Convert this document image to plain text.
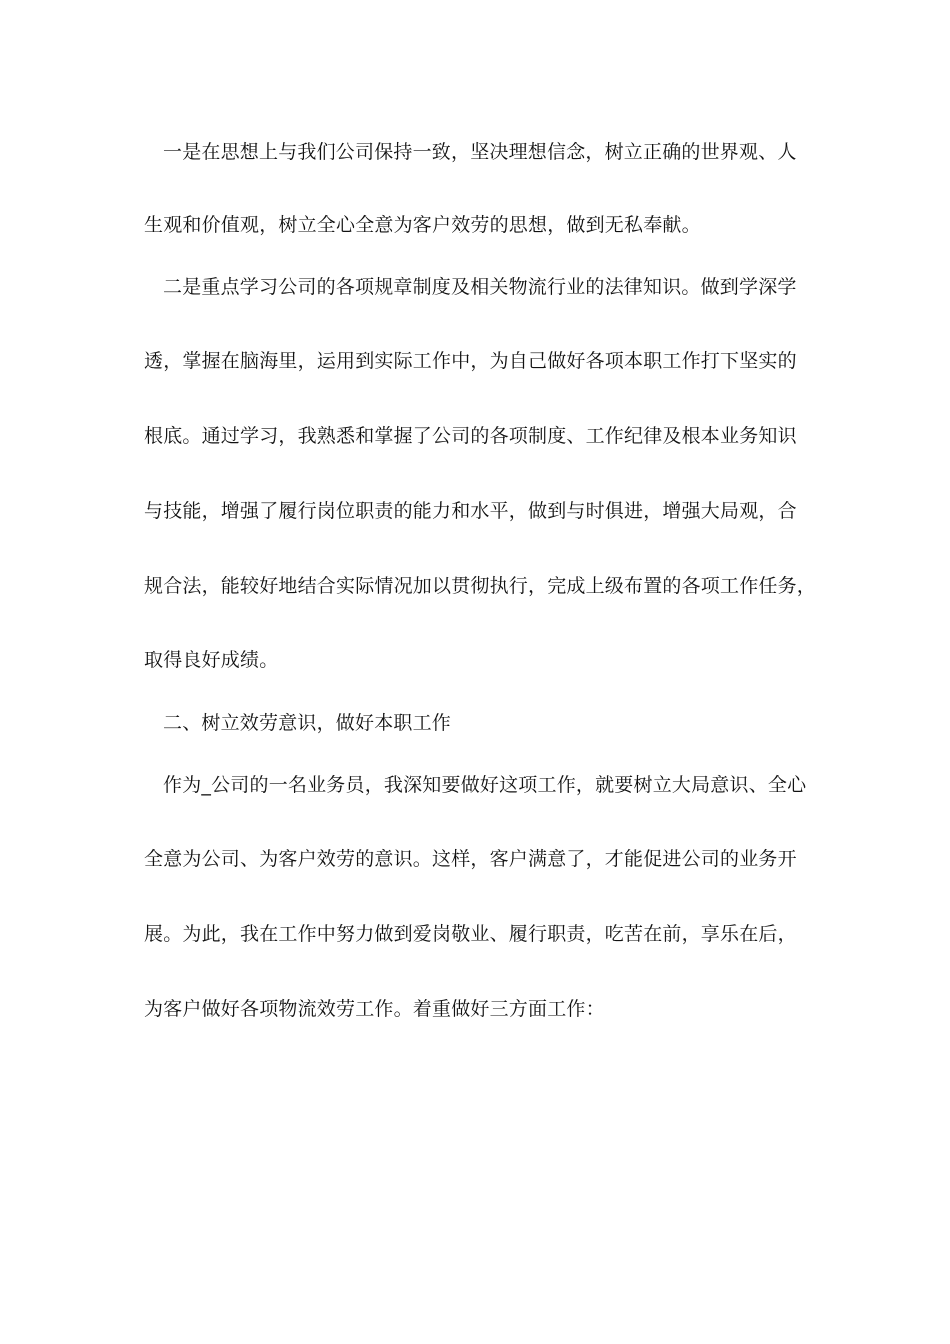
一是在思想上与我们公司保持一致，坚决理想信念，树立正确的世界观、人
生观和价值观，树立全心全意为客户效劳的思想，做到无私奉献。
二是重点学习公司的各项规章制度及相关物流行业的法律知识。做到学深学
透，掌握在脑海里，运用到实际工作中，为自己做好各项本职工作打下坚实的
根底。通过学习，我熟悉和掌握了公司的各项制度、工作纪律及根本业务知识
与技能，增强了履行岗位职责的能力和水平，做到与时俱进，增强大局观，合
规合法，能较好地结合实际情况加以贯彻执行，完成上级布置的各项工作任务，
取得良好成绩。
二、树立效劳意识，做好本职工作
作为_公司的一名业务员，我深知要做好这项工作，就要树立大局意识、全心
全意为公司、为客户效劳的意识。这样，客户满意了，才能促进公司的业务开
展。为此，我在工作中努力做到爱岗敬业、履行职责，吃苦在前，享乐在后，
为客户做好各项物流效劳工作。着重做好三方面工作：
